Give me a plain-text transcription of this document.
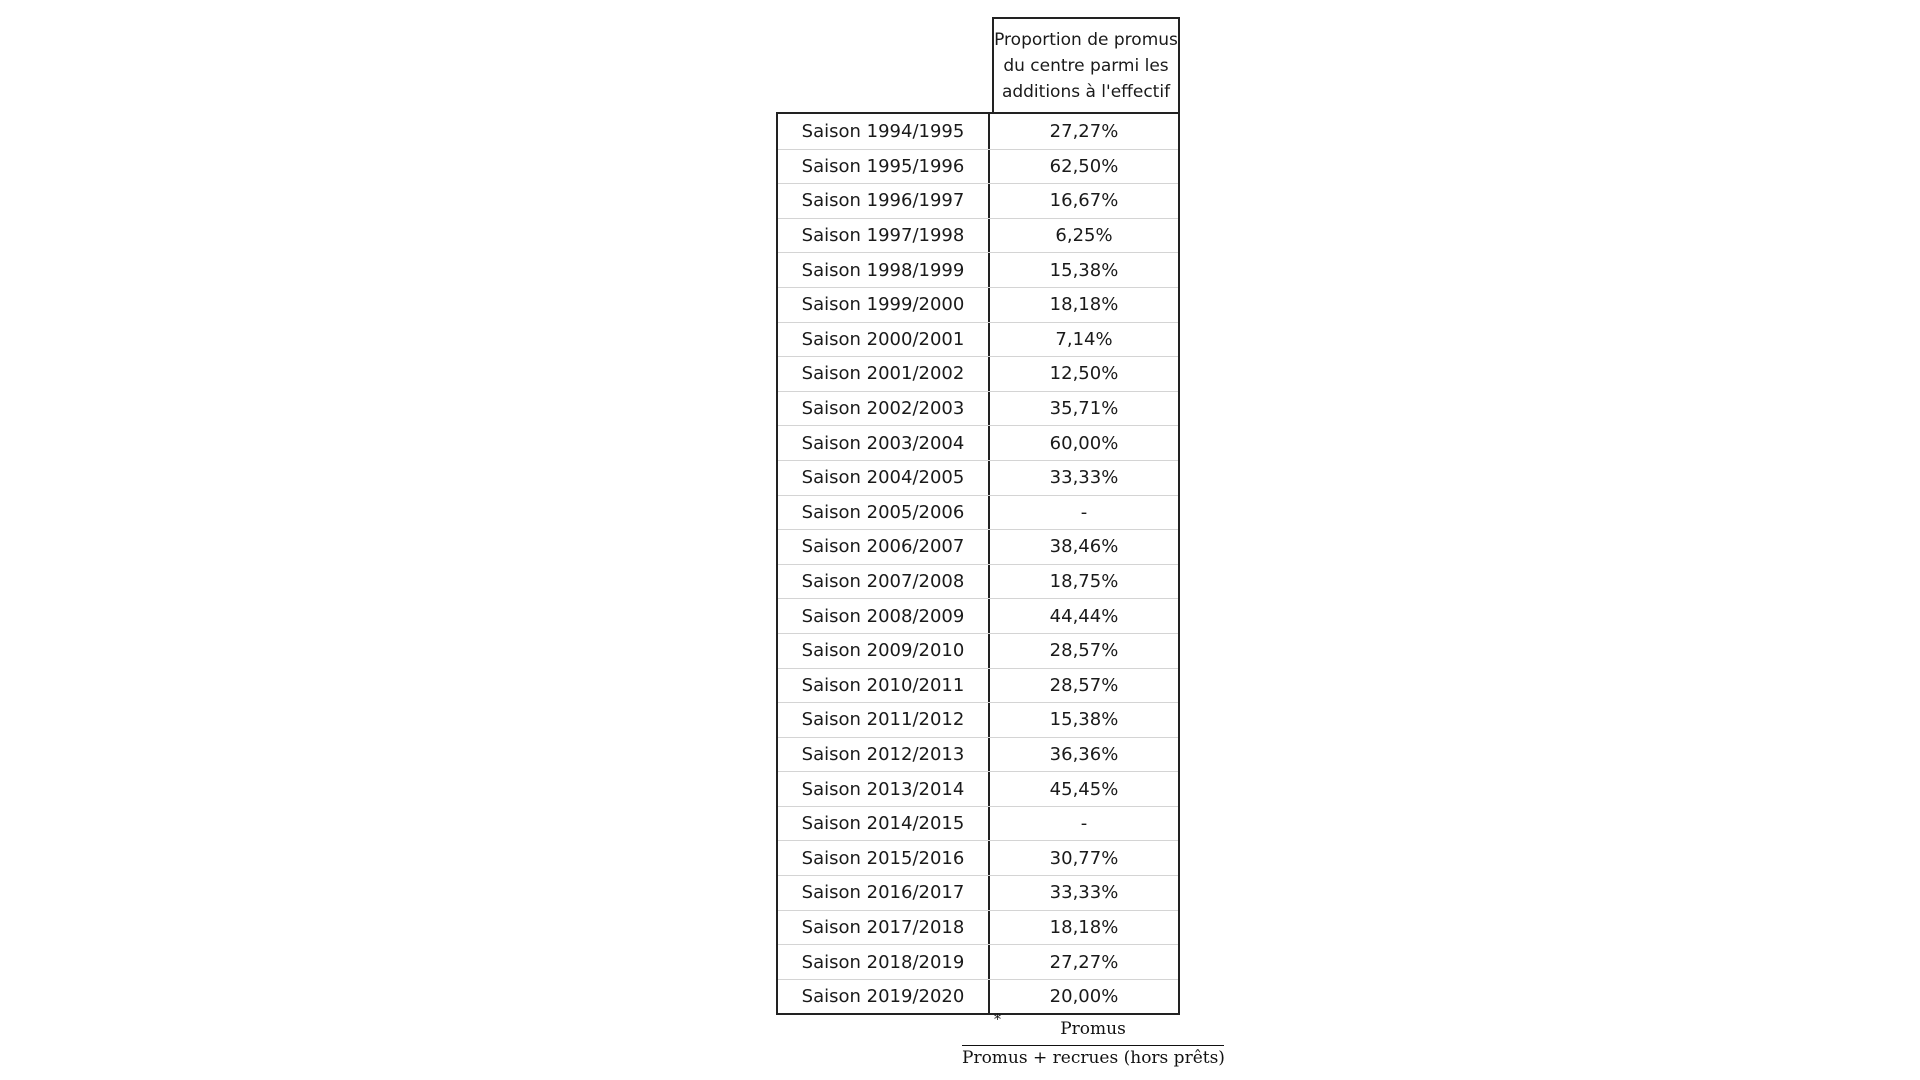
Proportion de promus
du centre parmi les
additions à l'effectif
Saison 1994/1995	27,27%
Saison 1995/1996	62,50%
Saison 1996/1997	16,67%
Saison 1997/1998	6,25%
Saison 1998/1999	15,38%
Saison 1999/2000	18,18%
Saison 2000/2001	7,14%
Saison 2001/2002	12,50%
Saison 2002/2003	35,71%
Saison 2003/2004	60,00%
Saison 2004/2005	33,33%
Saison 2005/2006	-
Saison 2006/2007	38,46%
Saison 2007/2008	18,75%
Saison 2008/2009	44,44%
Saison 2009/2010	28,57%
Saison 2010/2011	28,57%
Saison 2011/2012	15,38%
Saison 2012/2013	36,36%
Saison 2013/2014	45,45%
Saison 2014/2015	-
Saison 2015/2016	30,77%
Saison 2016/2017	33,33%
Saison 2017/2018	18,18%
Saison 2018/2019	27,27%
Saison 2019/2020	20,00%
*	Promus
Promus + recrues (hors prêts)
